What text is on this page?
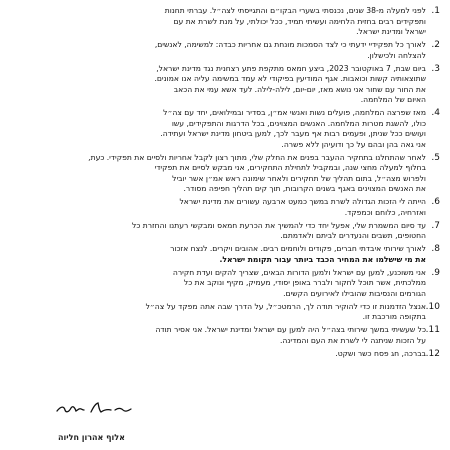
1.
לפני למעלה מ-38 שנים, נכנסתי בשערי הבקו״ם והתגייסתי לצה״ל. עברתי תחנות
ותפקידים רבים בחזית הלחימה ועשיתי תמיד, ככל יכולתי, על מנת לשרת את עם
ישראל ומדינת ישראל.
2.
לאורך כל תפקידיי ידעתי כי לצד הסמכות מונחת גם אחריות כבדה: למשימה, לאנשים,
להצלחה ולכישלון.
3.
ביום שבת, 7 באוקטובר 2023, ביצע חמאס מתקפת פתע רצחנית נגד מדינת ישראל,
שתוצאותיה קשות וכואבות. אגף המודיעין בפיקודי לא עמד במשימה עליה אנו אמונים.
את החור עם שחור אני נושא מאז, יום-יום, לילה-לילה. לעד אשא עמי את הכאב
האיום של המלחמה.
4.
מאז שפרצה המלחמה, פועלים נשות ואנשי אמ״ן, בסדיר ובמילואים, יחד עם צה״ל
כולו, להשגת מטרות המלחמה. האנשים המצוינים, בכל הדרגות והתפקידים, עשו
ועושים ככל שניתן, ופעמים רבות אף מעבר לכך, למען ביטחון מדינת ישראל ועתידה.
אני גאה בהן ובהם על כך ודועיהן ללא פשרה.
5.
לאחר שהתחלנו בתחקיר ההעבר בפנים את החלק שלי, מתוך רצון לקבל אחריות ולסיים את תפקידי. כעת,
בחלוף למעלה מחצי שנה, ובמקביל לתחילת התחקירים, אני מבקש לסיים את תפקידי
ולפרוש מצה״ל, בתום תהליך של תחקירים ולאחר שימונה ראש אמ״ן אשר יוביל
את האנשים המצוינים באגף בשנים הקרובות, תוך קים תהליך חפיפה מסודר.
6.
הייתה לי הזכות הגדולה לשרת במשך כמעט ארבעה עשורים את מדינת ישראל
ואזרחיה, כלוחם וכמפקד.
7.
עד סיום המשמרת שלי, אפעל יחד כדי להמשיך את הכרעת חמאס ומבקשי רעתנו והחזרת כל
החטופים, תשבים והנעדרים לביתם ולאדמתם.
8.
לאורך שירותי איבדתי חברים, פקודים ולוחמים רבים. אהובים ויקרים. לנצח אזכור
את מי שישלמו את המחיר הכבד ביותר עבור תקומת ישראל.
9.
אני משוכנע, למען עם ישראל ולמען הדורות הבאים, שצריך להקים ועדת חקירה
ממלכתית, אשר תוכל לחקור ולברר באופן יסודי, מעמיק, מקיף ונוקב את כל
הגורמים והנסיבות שהובילו לאירועים הקשים.
10.
אנצל הזדמנות זו כדי להוקיר תודה לך, הרמטכ״ל, על הדרך שבה אתה מפקד על צה״ל
בתקופה מורכבת זו.
11.
כל שעשיתי במשך שירותי בצה״ל היה למען עם ישראל ומדינת ישראל. אני אסיר תודה
על הזכות שניתנה לי לשרת את העם והמדינה.
12.
בברכה, חג פסח כשר ושקט.
אלוף אהרון חליוה
